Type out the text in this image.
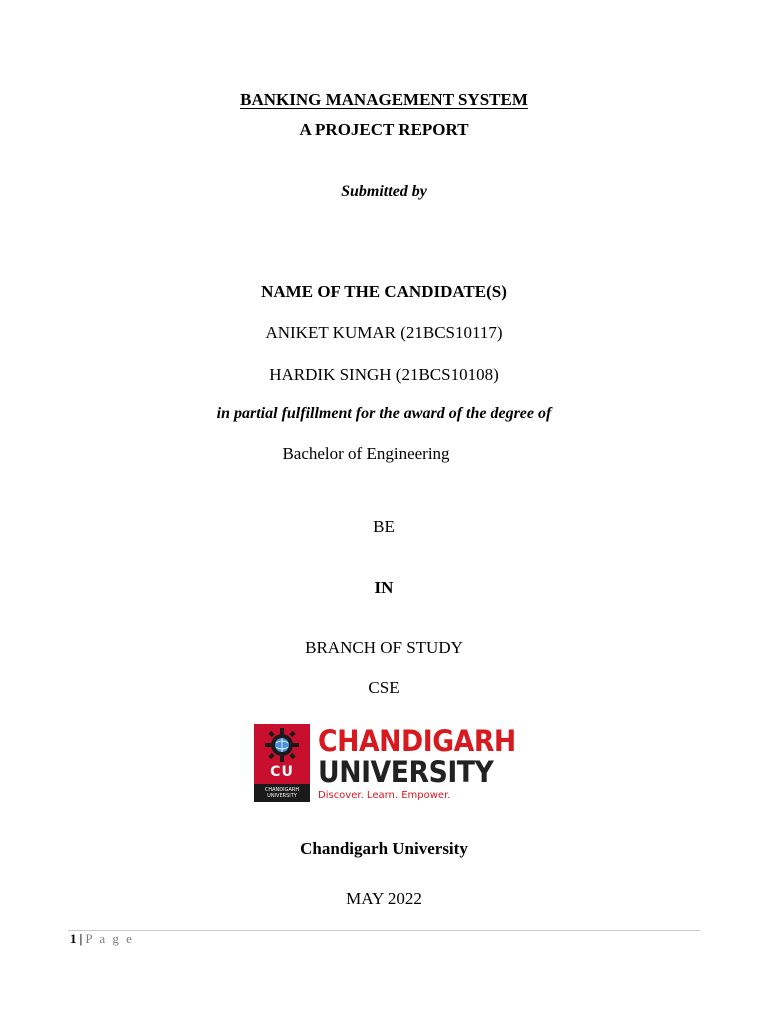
BANKING MANAGEMENT SYSTEM
A PROJECT REPORT
Submitted by
NAME OF THE CANDIDATE(S)
ANIKET KUMAR (21BCS10117)
HARDIK SINGH (21BCS10108)
in partial fulfillment for the award of the degree of
Bachelor of Engineering
BE
IN
BRANCH OF STUDY
CSE
CU
CHANDIGARH UNIVERSITY
CHANDIGARH
UNIVERSITY
Discover. Learn. Empower.
Chandigarh University
MAY 2022
1 | P a g e
